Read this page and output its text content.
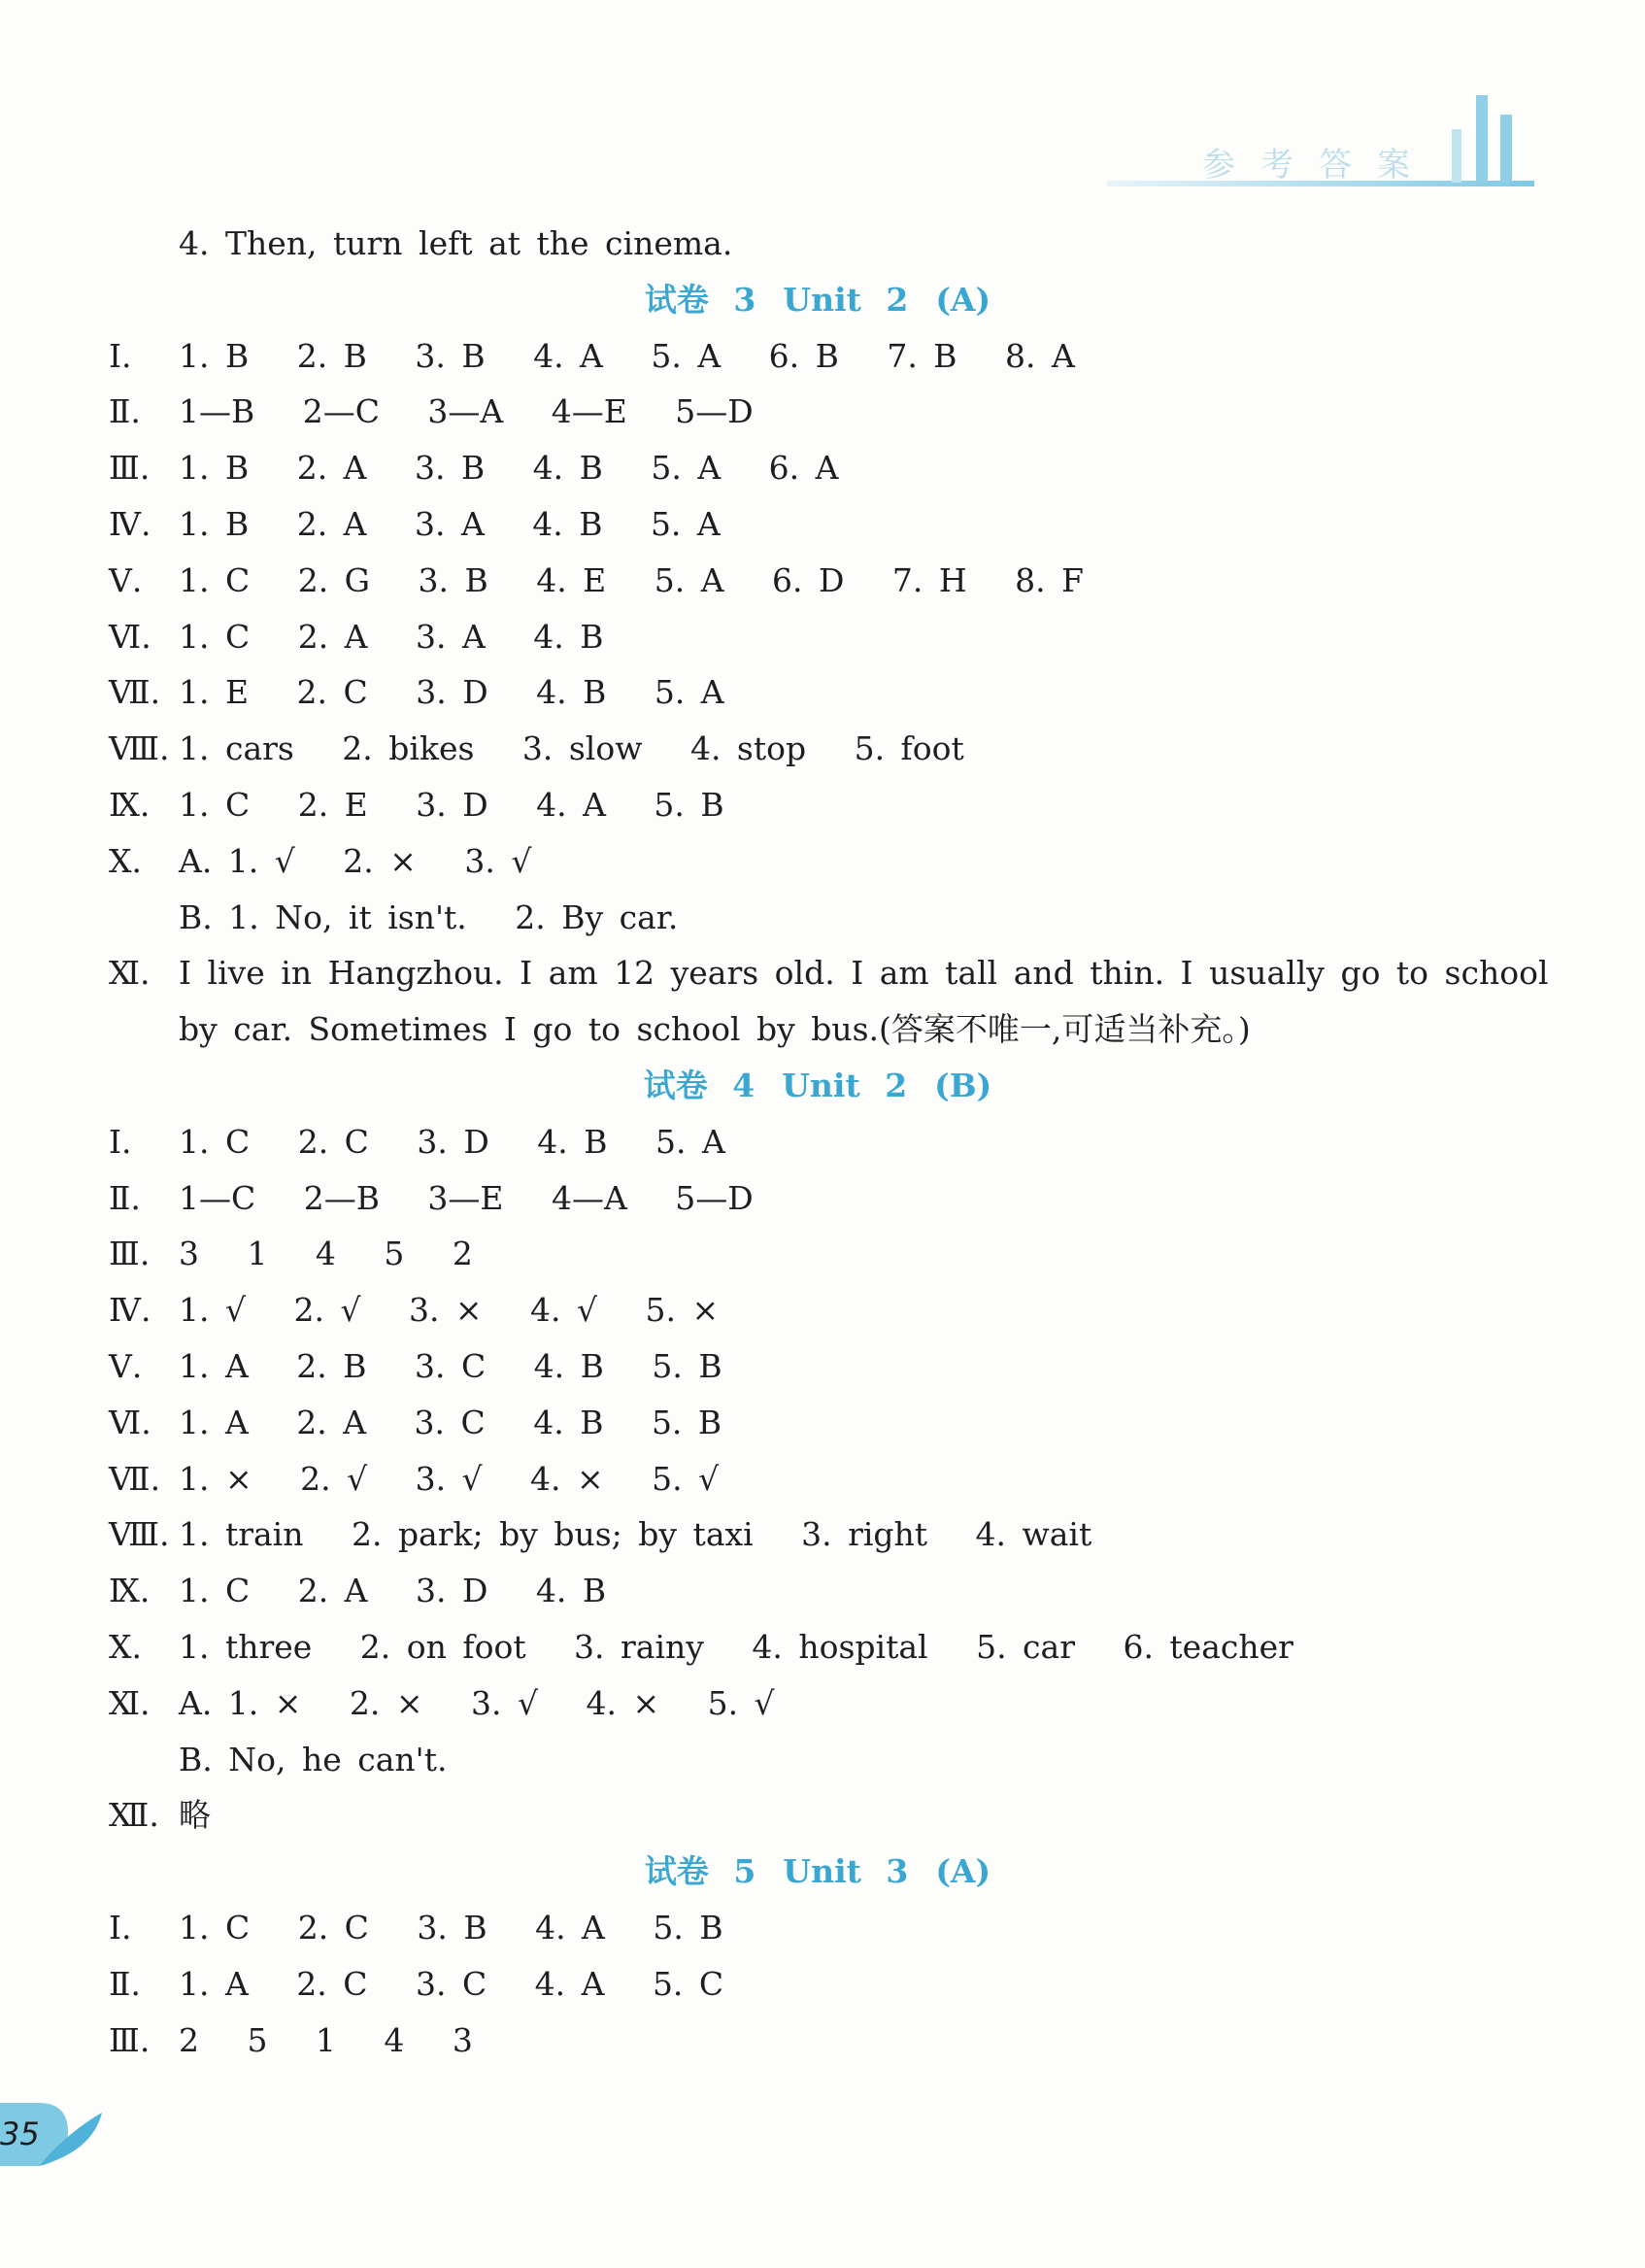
参考答案
4. Then, turn left at the cinema.
试卷 3 Unit 2 (A)
Ⅰ. 1. B   2. B   3. B   4. A   5. A   6. B   7. B   8. A
Ⅱ. 1—B   2—C   3—A   4—E   5—D
Ⅲ. 1. B   2. A   3. B   4. B   5. A   6. A
Ⅳ. 1. B   2. A   3. A   4. B   5. A
Ⅴ. 1. C   2. G   3. B   4. E   5. A   6. D   7. H   8. F
Ⅵ. 1. C   2. A   3. A   4. B
Ⅶ. 1. E   2. C   3. D   4. B   5. A
Ⅷ. 1. cars   2. bikes   3. slow   4. stop   5. foot
Ⅸ. 1. C   2. E   3. D   4. A   5. B
Ⅹ. A. 1. √   2. ×   3. √
B. 1. No, it isn't.   2. By car.
Ⅺ. I live in Hangzhou. I am 12 years old. I am tall and thin. I usually go to school
by car. Sometimes I go to school by bus.(答案不唯一,可适当补充。)
试卷 4 Unit 2 (B)
Ⅰ. 1. C   2. C   3. D   4. B   5. A
Ⅱ. 1—C   2—B   3—E   4—A   5—D
Ⅲ. 3   1   4   5   2
Ⅳ. 1. √   2. √   3. ×   4. √   5. ×
Ⅴ. 1. A   2. B   3. C   4. B   5. B
Ⅵ. 1. A   2. A   3. C   4. B   5. B
Ⅶ. 1. ×   2. √   3. √   4. ×   5. √
Ⅷ. 1. train   2. park; by bus; by taxi   3. right   4. wait
Ⅸ. 1. C   2. A   3. D   4. B
Ⅹ. 1. three   2. on foot   3. rainy   4. hospital   5. car   6. teacher
Ⅺ. A. 1. ×   2. ×   3. √   4. ×   5. √
B. No, he can't.
Ⅻ. 略
试卷 5 Unit 3 (A)
Ⅰ. 1. C   2. C   3. B   4. A   5. B
Ⅱ. 1. A   2. C   3. C   4. A   5. C
Ⅲ. 2   5   1   4   3
35
